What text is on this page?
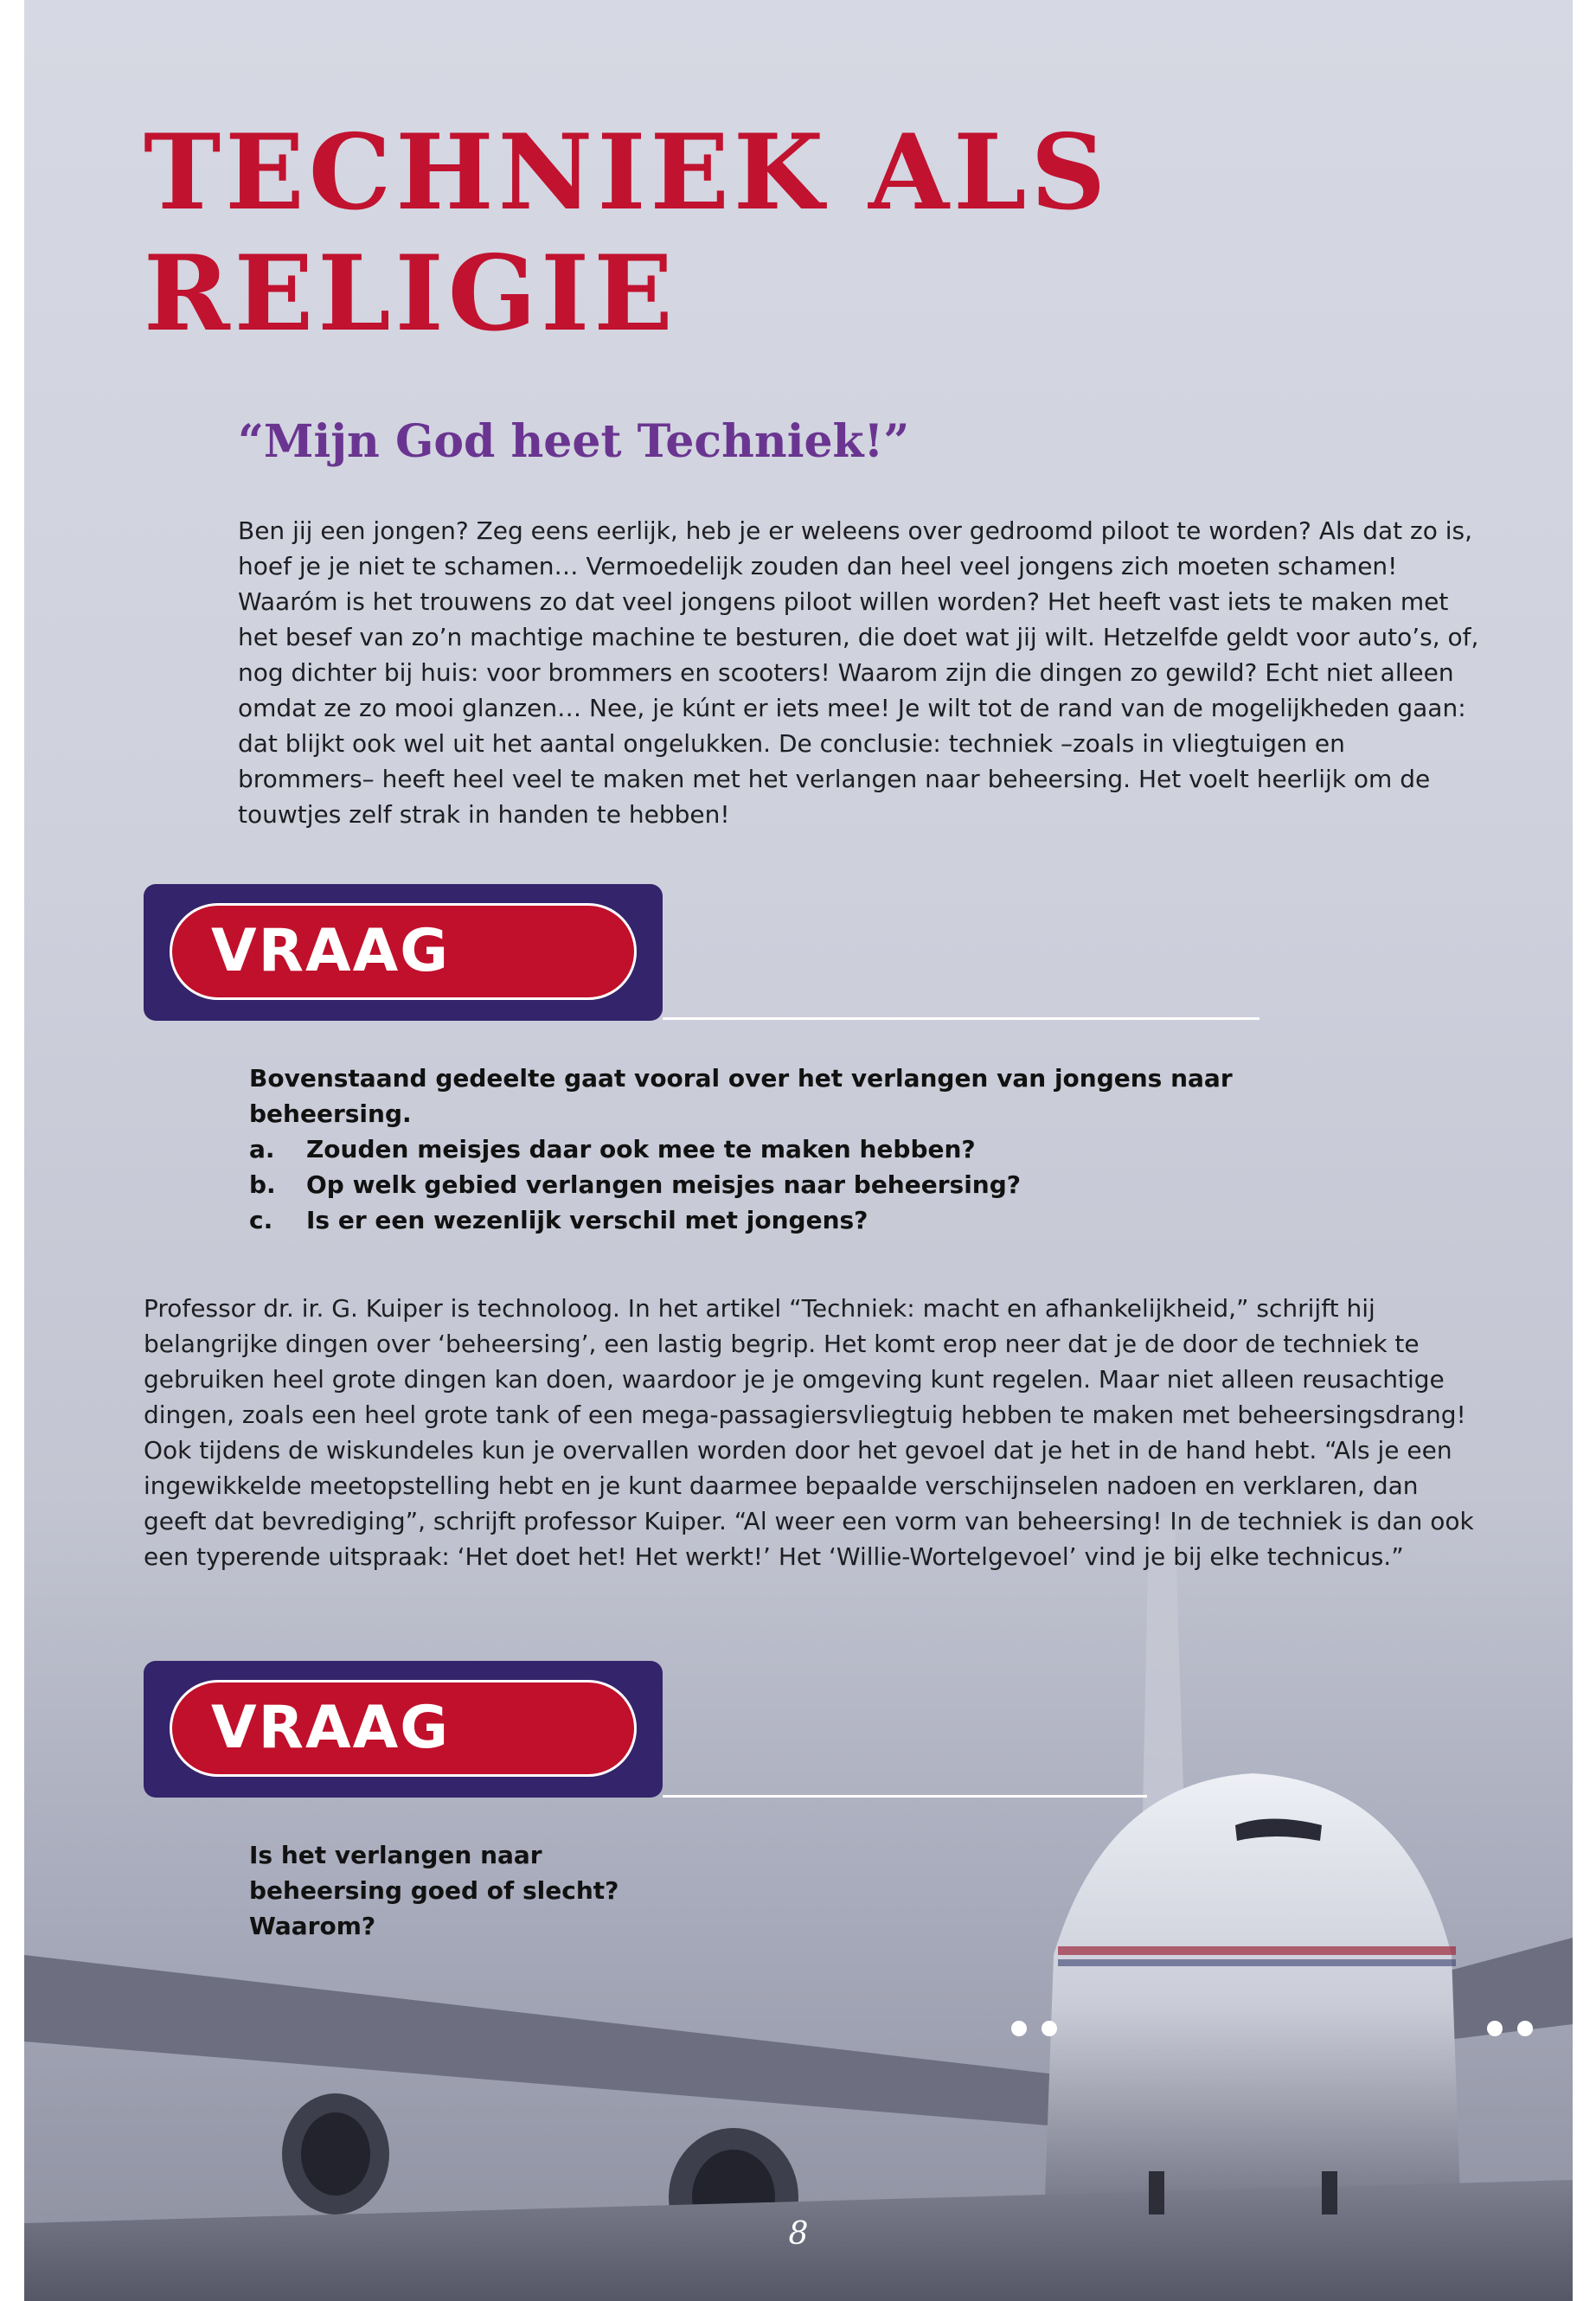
TECHNIEK ALS RELIGIE
“Mijn God heet Techniek!”

Ben jij een jongen? Zeg eens eerlijk, heb je er weleens over gedroomd piloot te worden? Als dat zo is, hoef je je niet te schamen… Vermoedelijk zouden dan heel veel jongens zich moeten schamen! Waaróm is het trouwens zo dat veel jongens piloot willen worden? Het heeft vast iets te maken met het besef van zo’n machtige machine te besturen, die doet wat jij wilt. Hetzelfde geldt voor auto’s, of, nog dichter bij huis: voor brommers en scooters! Waarom zijn die dingen zo gewild? Echt niet alleen omdat ze zo mooi glanzen… Nee, je kúnt er iets mee! Je wilt tot de rand van de mogelijkheden gaan: dat blijkt ook wel uit het aantal ongelukken. De conclusie: techniek –zoals in vliegtuigen en brommers– heeft heel veel te maken met het verlangen naar beheersing. Het voelt heerlijk om de touwtjes zelf strak in handen te hebben!

VRAAG
Bovenstaand gedeelte gaat vooral over het verlangen van jongens naar beheersing.
a.	Zouden meisjes daar ook mee te maken hebben?
b.	Op welk gebied verlangen meisjes naar beheersing?
c.	Is er een wezenlijk verschil met jongens?

Professor dr. ir. G. Kuiper is technoloog. In het artikel “Techniek: macht en afhankelijkheid,” schrijft hij belangrijke dingen over ‘beheersing’, een lastig begrip. Het komt erop neer dat je de door de techniek te gebruiken heel grote dingen kan doen, waardoor je je omgeving kunt regelen. Maar niet alleen reusachtige dingen, zoals een heel grote tank of een mega-passagiersvliegtuig hebben te maken met beheersingsdrang! Ook tijdens de wiskundeles kun je overvallen worden door het gevoel dat je het in de hand hebt. “Als je een ingewikkelde meetopstelling hebt en je kunt daarmee bepaalde verschijnselen nadoen en verklaren, dan geeft dat bevrediging”, schrijft professor Kuiper. “Al weer een vorm van beheersing! In de techniek is dan ook een typerende uitspraak: ‘Het doet het! Het werkt!’ Het ‘Willie-Wortelgevoel’ vind je bij elke technicus.”

VRAAG
Is het verlangen naar beheersing goed of slecht? Waarom?
8
